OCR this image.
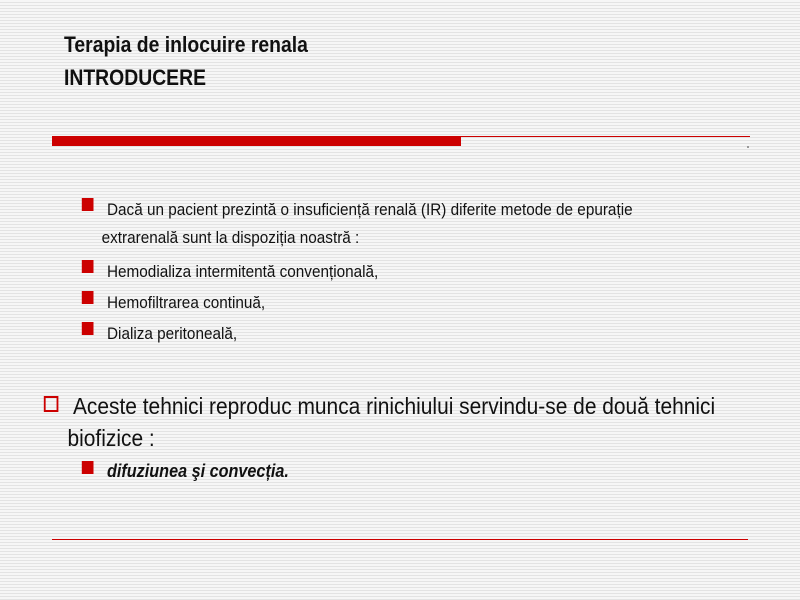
Terapia de inlocuire renala
INTRODUCERE
Dacă un pacient prezintă o insuficiență renală (IR) diferite metode de epurație
extrarenală sunt la dispoziția noastră :
Hemodializa intermitentă convențională,
Hemofiltrarea continuă,
Dializa peritoneală,
Aceste tehnici reproduc munca rinichiului servindu-se de două tehnici
biofizice :
difuziunea şi convecția.
